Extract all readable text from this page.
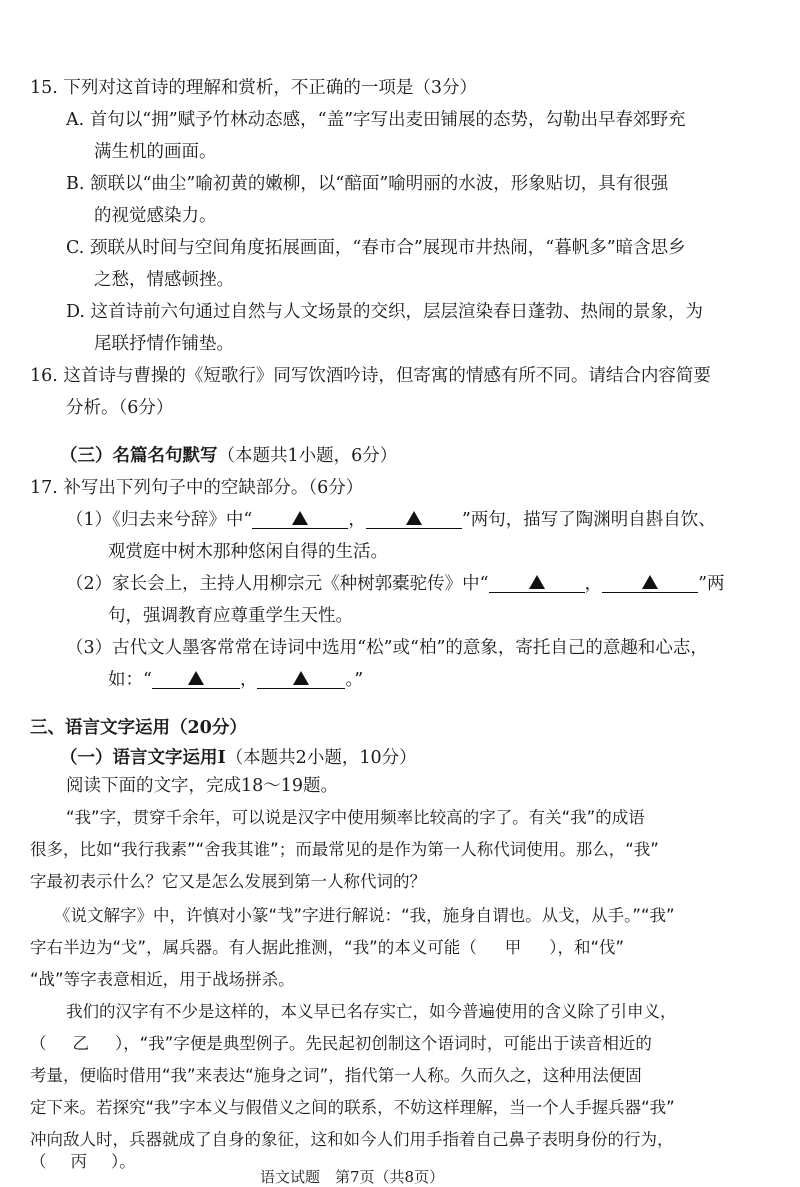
15. 下列对这首诗的理解和赏析，不正确的一项是（3分）
A. 首句以“拥”赋予竹林动态感，“盖”字写出麦田铺展的态势，勾勒出早春郊野充
满生机的画面。
B. 颔联以“曲尘”喻初黄的嫩柳，以“醅面”喻明丽的水波，形象贴切，具有很强
的视觉感染力。
C. 颈联从时间与空间角度拓展画面，“春市合”展现市井热闹，“暮帆多”暗含思乡
之愁，情感顿挫。
D. 这首诗前六句通过自然与人文场景的交织，层层渲染春日蓬勃、热闹的景象，为
尾联抒情作铺垫。
16. 这首诗与曹操的《短歌行》同写饮酒吟诗，但寄寓的情感有所不同。请结合内容简要
分析。（6分）
（三）名篇名句默写（本题共1小题，6分）
17. 补写出下列句子中的空缺部分。（6分）
（1）《归去来兮辞》中“	，	”两句，描写了陶渊明自斟自饮、
观赏庭中树木那种悠闲自得的生活。
（2）家长会上，主持人用柳宗元《种树郭橐驼传》中“	，	”两
句，强调教育应尊重学生天性。
（3）古代文人墨客常常在诗词中选用“松”或“柏”的意象，寄托自己的意趣和心志，
如：“	，	。”
三、语言文字运用（20分）
（一）语言文字运用Ⅰ（本题共2小题，10分）
阅读下面的文字，完成18～19题。
“我”字，贯穿千余年，可以说是汉字中使用频率比较高的字了。有关“我”的成语
很多，比如“我行我素”“舍我其谁”；而最常见的是作为第一人称代词使用。那么，“我”
字最初表示什么？它又是怎么发展到第一人称代词的？
《说文解字》中，许慎对小篆“𢦏”字进行解说：“我，施身自谓也。从戈，从手。”“我”
字右半边为“戈”，属兵器。有人据此推测，“我”的本义可能（ 甲 ），和“伐”
“战”等字表意相近，用于战场拼杀。
我们的汉字有不少是这样的，本义早已名存实亡，如今普遍使用的含义除了引申义，
（ 乙 ），“我”字便是典型例子。先民起初创制这个语词时，可能出于读音相近的
考量，便临时借用“我”来表达“施身之词”，指代第一人称。久而久之，这种用法便固
定下来。若探究“我”字本义与假借义之间的联系，不妨这样理解，当一个人手握兵器“我”
冲向敌人时，兵器就成了自身的象征，这和如今人们用手指着自己鼻子表明身份的行为，
（ 丙 ）。
语文试题　第7页（共8页）
